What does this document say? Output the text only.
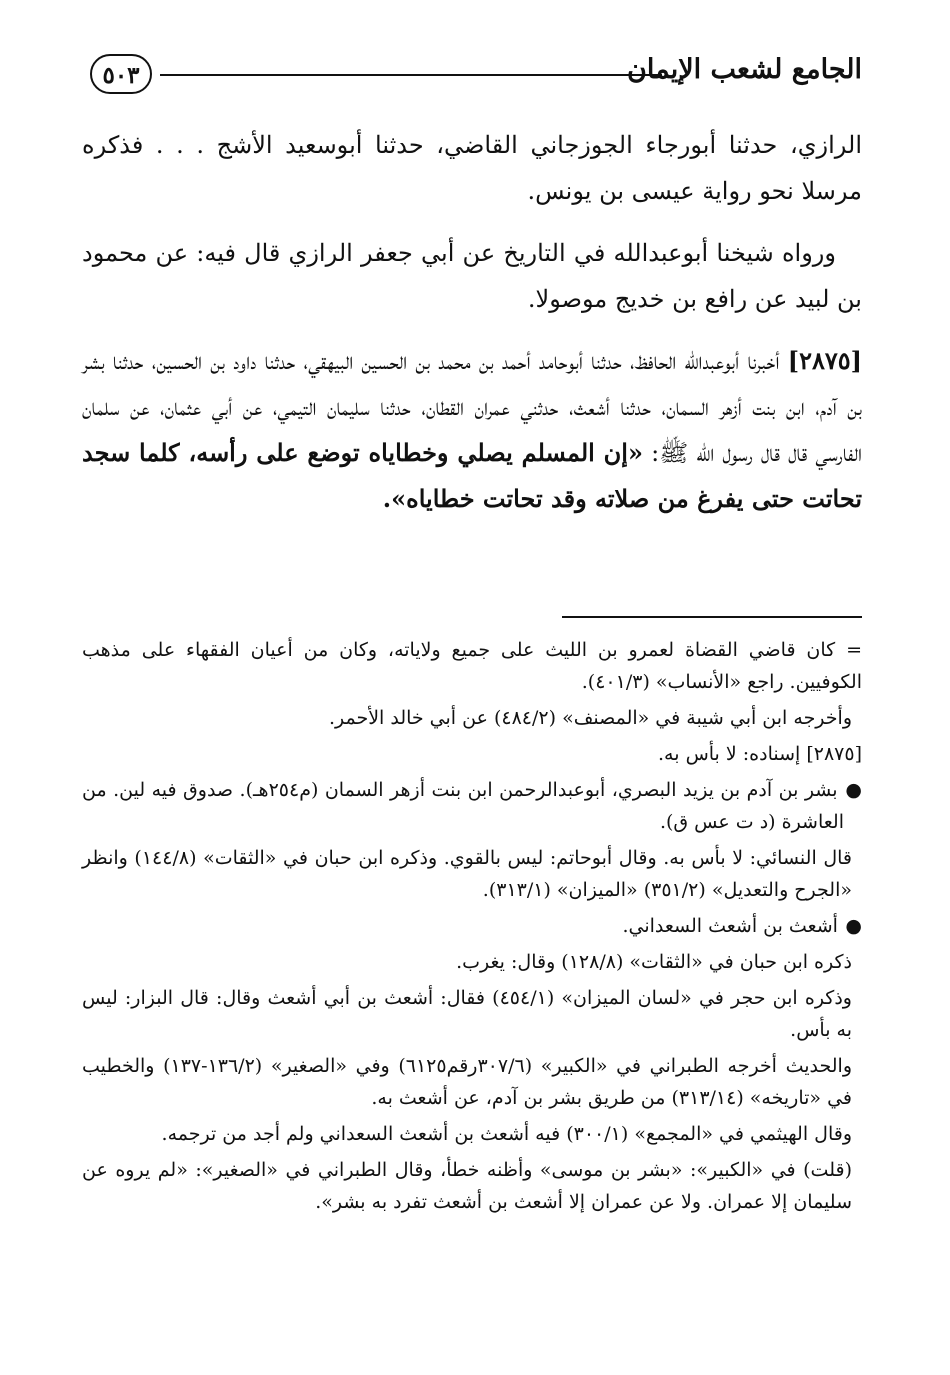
الجامع لشعب الإيمان
٥٠٣

الرازي، حدثنا أبورجاء الجوزجاني القاضي، حدثنا أبوسعيد الأشج . . . فذكره مرسلا نحو رواية عيسى بن يونس.

ورواه شيخنا أبوعبدالله في التاريخ عن أبي جعفر الرازي قال فيه: عن محمود بن لبيد عن رافع بن خديج موصولا.

[٢٨٧٥] أخبرنا أبوعبدالله الحافظ، حدثنا أبوحامد أحمد بن محمد بن الحسين البيهقي، حدثنا داود بن الحسين، حدثنا بشر بن آدم، ابن بنت أزهر السمان، حدثنا أشعث، حدثني عمران القطان، حدثنا سليمان التيمي، عن أبي عثمان، عن سلمان الفارسي قال قال رسول الله ﷺ: «إن المسلم يصلي وخطاياه توضع على رأسه، كلما سجد تحاتت حتى يفرغ من صلاته وقد تحاتت خطاياه».

= كان قاضي القضاة لعمرو بن الليث على جميع ولاياته، وكان من أعيان الفقهاء على مذهب الكوفيين. راجع «الأنساب» (٤٠١/٣).

وأخرجه ابن أبي شيبة في «المصنف» (٤٨٤/٢) عن أبي خالد الأحمر.

[٢٨٧٥] إسناده: لا بأس به.

● بشر بن آدم بن يزيد البصري، أبوعبدالرحمن ابن بنت أزهر السمان (م٢٥٤هـ). صدوق فيه لين. من العاشرة (د ت عس ق).

قال النسائي: لا بأس به. وقال أبوحاتم: ليس بالقوي. وذكره ابن حبان في «الثقات» (١٤٤/٨) وانظر «الجرح والتعديل» (٣٥١/٢) «الميزان» (٣١٣/١).

● أشعث بن أشعث السعداني.

ذكره ابن حبان في «الثقات» (١٢٨/٨) وقال: يغرب.

وذكره ابن حجر في «لسان الميزان» (٤٥٤/١) فقال: أشعث بن أبي أشعث وقال: قال البزار: ليس به بأس.

والحديث أخرجه الطبراني في «الكبير» (٣٠٧/٦رقم٦١٢٥) وفي «الصغير» (١٣٦/٢-١٣٧) والخطيب في «تاريخه» (٣١٣/١٤) من طريق بشر بن آدم، عن أشعث به.

وقال الهيثمي في «المجمع» (٣٠٠/١) فيه أشعث بن أشعث السعداني ولم أجد من ترجمه.

(قلت) في «الكبير»: «بشر بن موسى» وأظنه خطأ، وقال الطبراني في «الصغير»: «لم يروه عن سليمان إلا عمران. ولا عن عمران إلا أشعث بن أشعث تفرد به بشر».
